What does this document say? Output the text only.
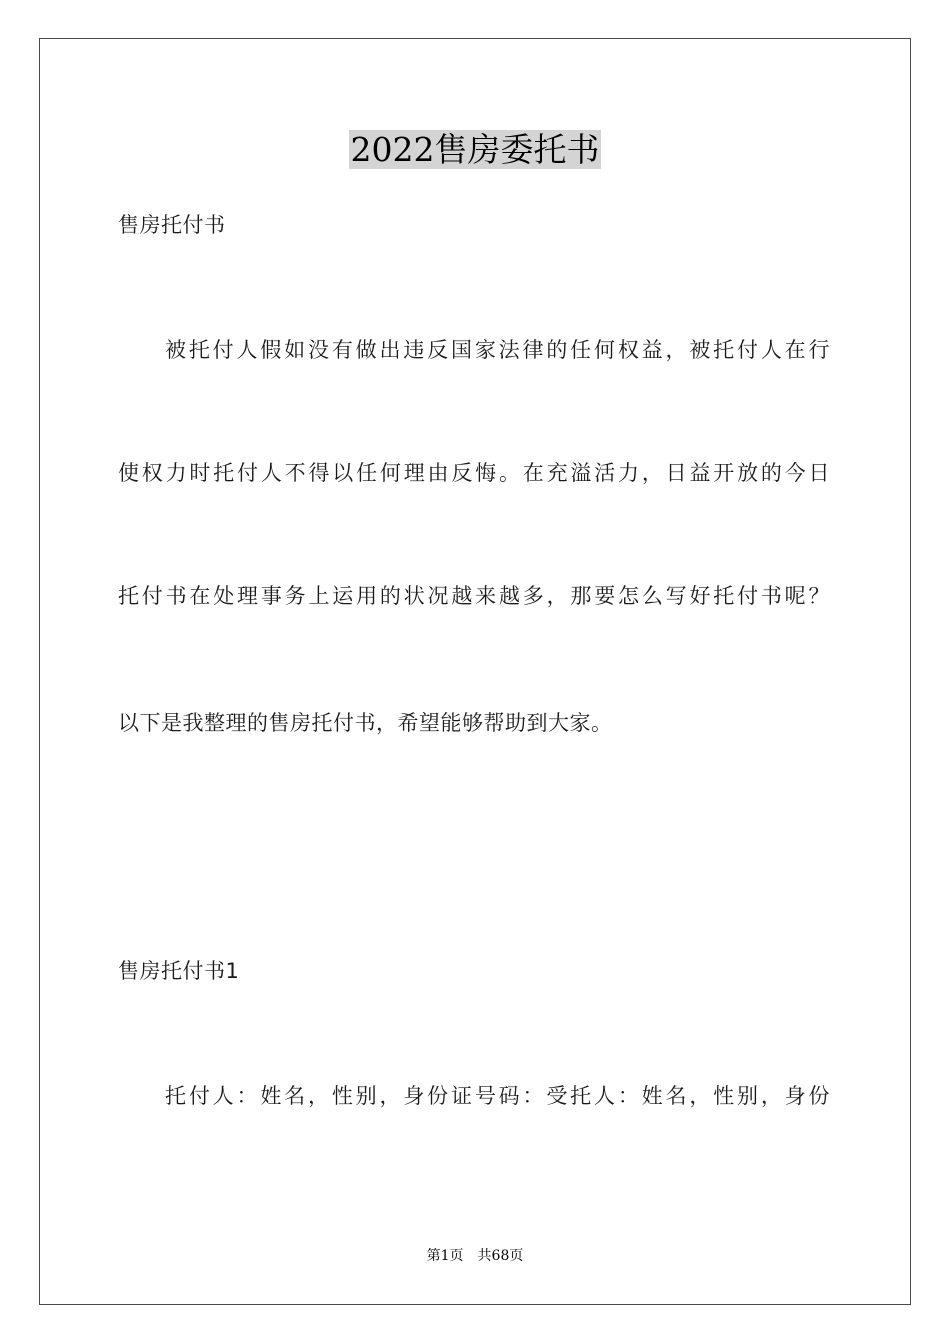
2022售房委托书
售房托付书
被托付人假如没有做出违反国家法律的任何权益，被托付人在行
使权力时托付人不得以任何理由反悔。在充溢活力，日益开放的今日
托付书在处理事务上运用的状况越来越多，那要怎么写好托付书呢？
以下是我整理的售房托付书，希望能够帮助到大家。
售房托付书1
托付人：姓名，性别，身份证号码：受托人：姓名，性别，身份
第1页 共68页
